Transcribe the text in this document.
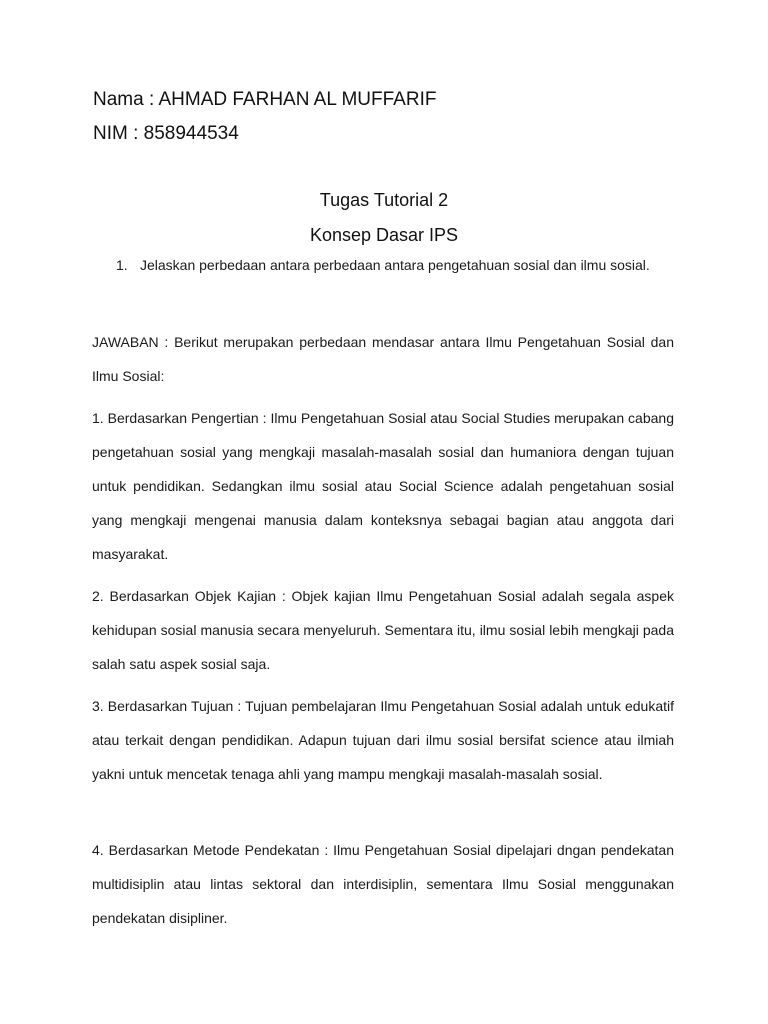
Nama : AHMAD FARHAN AL MUFFARIF
NIM : 858944534
Tugas Tutorial 2
Konsep Dasar IPS
1. Jelaskan perbedaan antara perbedaan antara pengetahuan sosial dan ilmu sosial.
JAWABAN : Berikut merupakan perbedaan mendasar antara Ilmu Pengetahuan Sosial dan Ilmu Sosial:
1. Berdasarkan Pengertian : Ilmu Pengetahuan Sosial atau Social Studies merupakan cabang pengetahuan sosial yang mengkaji masalah-masalah sosial dan humaniora dengan tujuan untuk pendidikan. Sedangkan ilmu sosial atau Social Science adalah pengetahuan sosial yang mengkaji mengenai manusia dalam konteksnya sebagai bagian atau anggota dari masyarakat.
2. Berdasarkan Objek Kajian : Objek kajian Ilmu Pengetahuan Sosial adalah segala aspek kehidupan sosial manusia secara menyeluruh. Sementara itu, ilmu sosial lebih mengkaji pada salah satu aspek sosial saja.
3. Berdasarkan Tujuan : Tujuan pembelajaran Ilmu Pengetahuan Sosial adalah untuk edukatif atau terkait dengan pendidikan. Adapun tujuan dari ilmu sosial bersifat science atau ilmiah yakni untuk mencetak tenaga ahli yang mampu mengkaji masalah-masalah sosial.
4. Berdasarkan Metode Pendekatan : Ilmu Pengetahuan Sosial dipelajari dngan pendekatan multidisiplin atau lintas sektoral dan interdisiplin, sementara Ilmu Sosial menggunakan pendekatan disipliner.
